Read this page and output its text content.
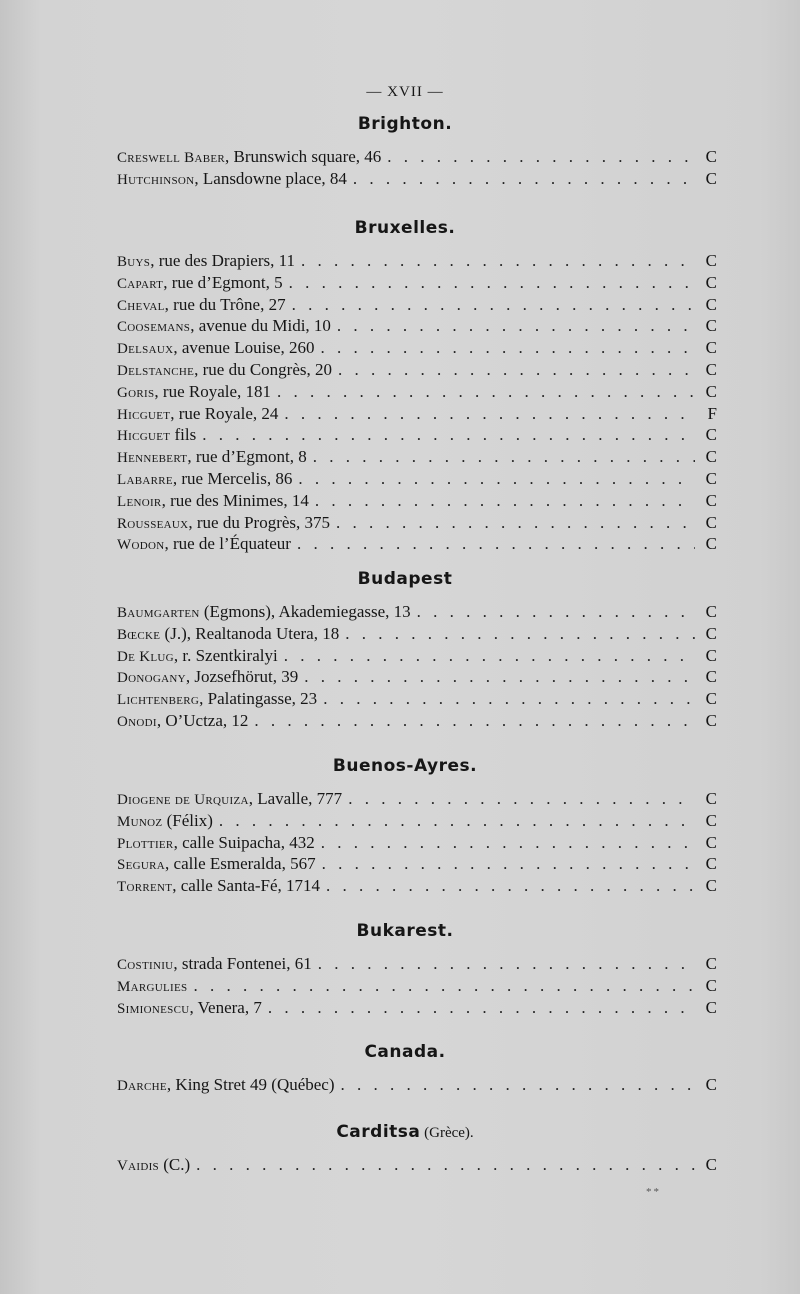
— XVII —
Brighton.
Creswell Baber, Brunswich square, 46 . . .	C
Hutchinson, Lansdowne place, 84 . . .	C
Bruxelles.
Buys, rue des Drapiers, 11 . . .	C
Capart, rue d’Egmont, 5 . . .	C
Cheval, rue du Trône, 27 . . .	C
Coosemans, avenue du Midi, 10 . . .	C
Delsaux, avenue Louise, 260 . . .	C
Delstanche, rue du Congrès, 20 . . .	C
Goris, rue Royale, 181 . . .	C
Hicguet, rue Royale, 24 . . .	F
Hicguet fils . . .	C
Hennebert, rue d’Egmont, 8 . . .	C
Labarre, rue Mercelis, 86 . . .	C
Lenoir, rue des Minimes, 14 . . .	C
Rousseaux, rue du Progrès, 375 . . .	C
Wodon, rue de l’Équateur . . .	C
Budapest
Baumgarten (Egmons), Akademiegasse, 13 . . .	C
Bœcke (J.), Realtanoda Utera, 18 . . .	C
De Klug, r. Szentkiralyi . . .	C
Donogany, Jozsefhörut, 39 . . .	C
Lichtenberg, Palatingasse, 23 . . .	C
Onodi, O’Uctza, 12 . . .	C
Buenos-Ayres.
Diogene de Urquiza, Lavalle, 777 . . .	C
Munoz (Félix) . . .	C
Plottier, calle Suipacha, 432 . . .	C
Segura, calle Esmeralda, 567 . . .	C
Torrent, calle Santa-Fé, 1714 . . .	C
Bukarest.
Costiniu, strada Fontenei, 61 . . .	C
Margulies . . .	C
Simionescu, Venera, 7 . . .	C
Canada.
Darche, King Stret 49 (Québec) . . .	C
Carditsa (Grèce).
Vaidis (C.) . . .	C
**
